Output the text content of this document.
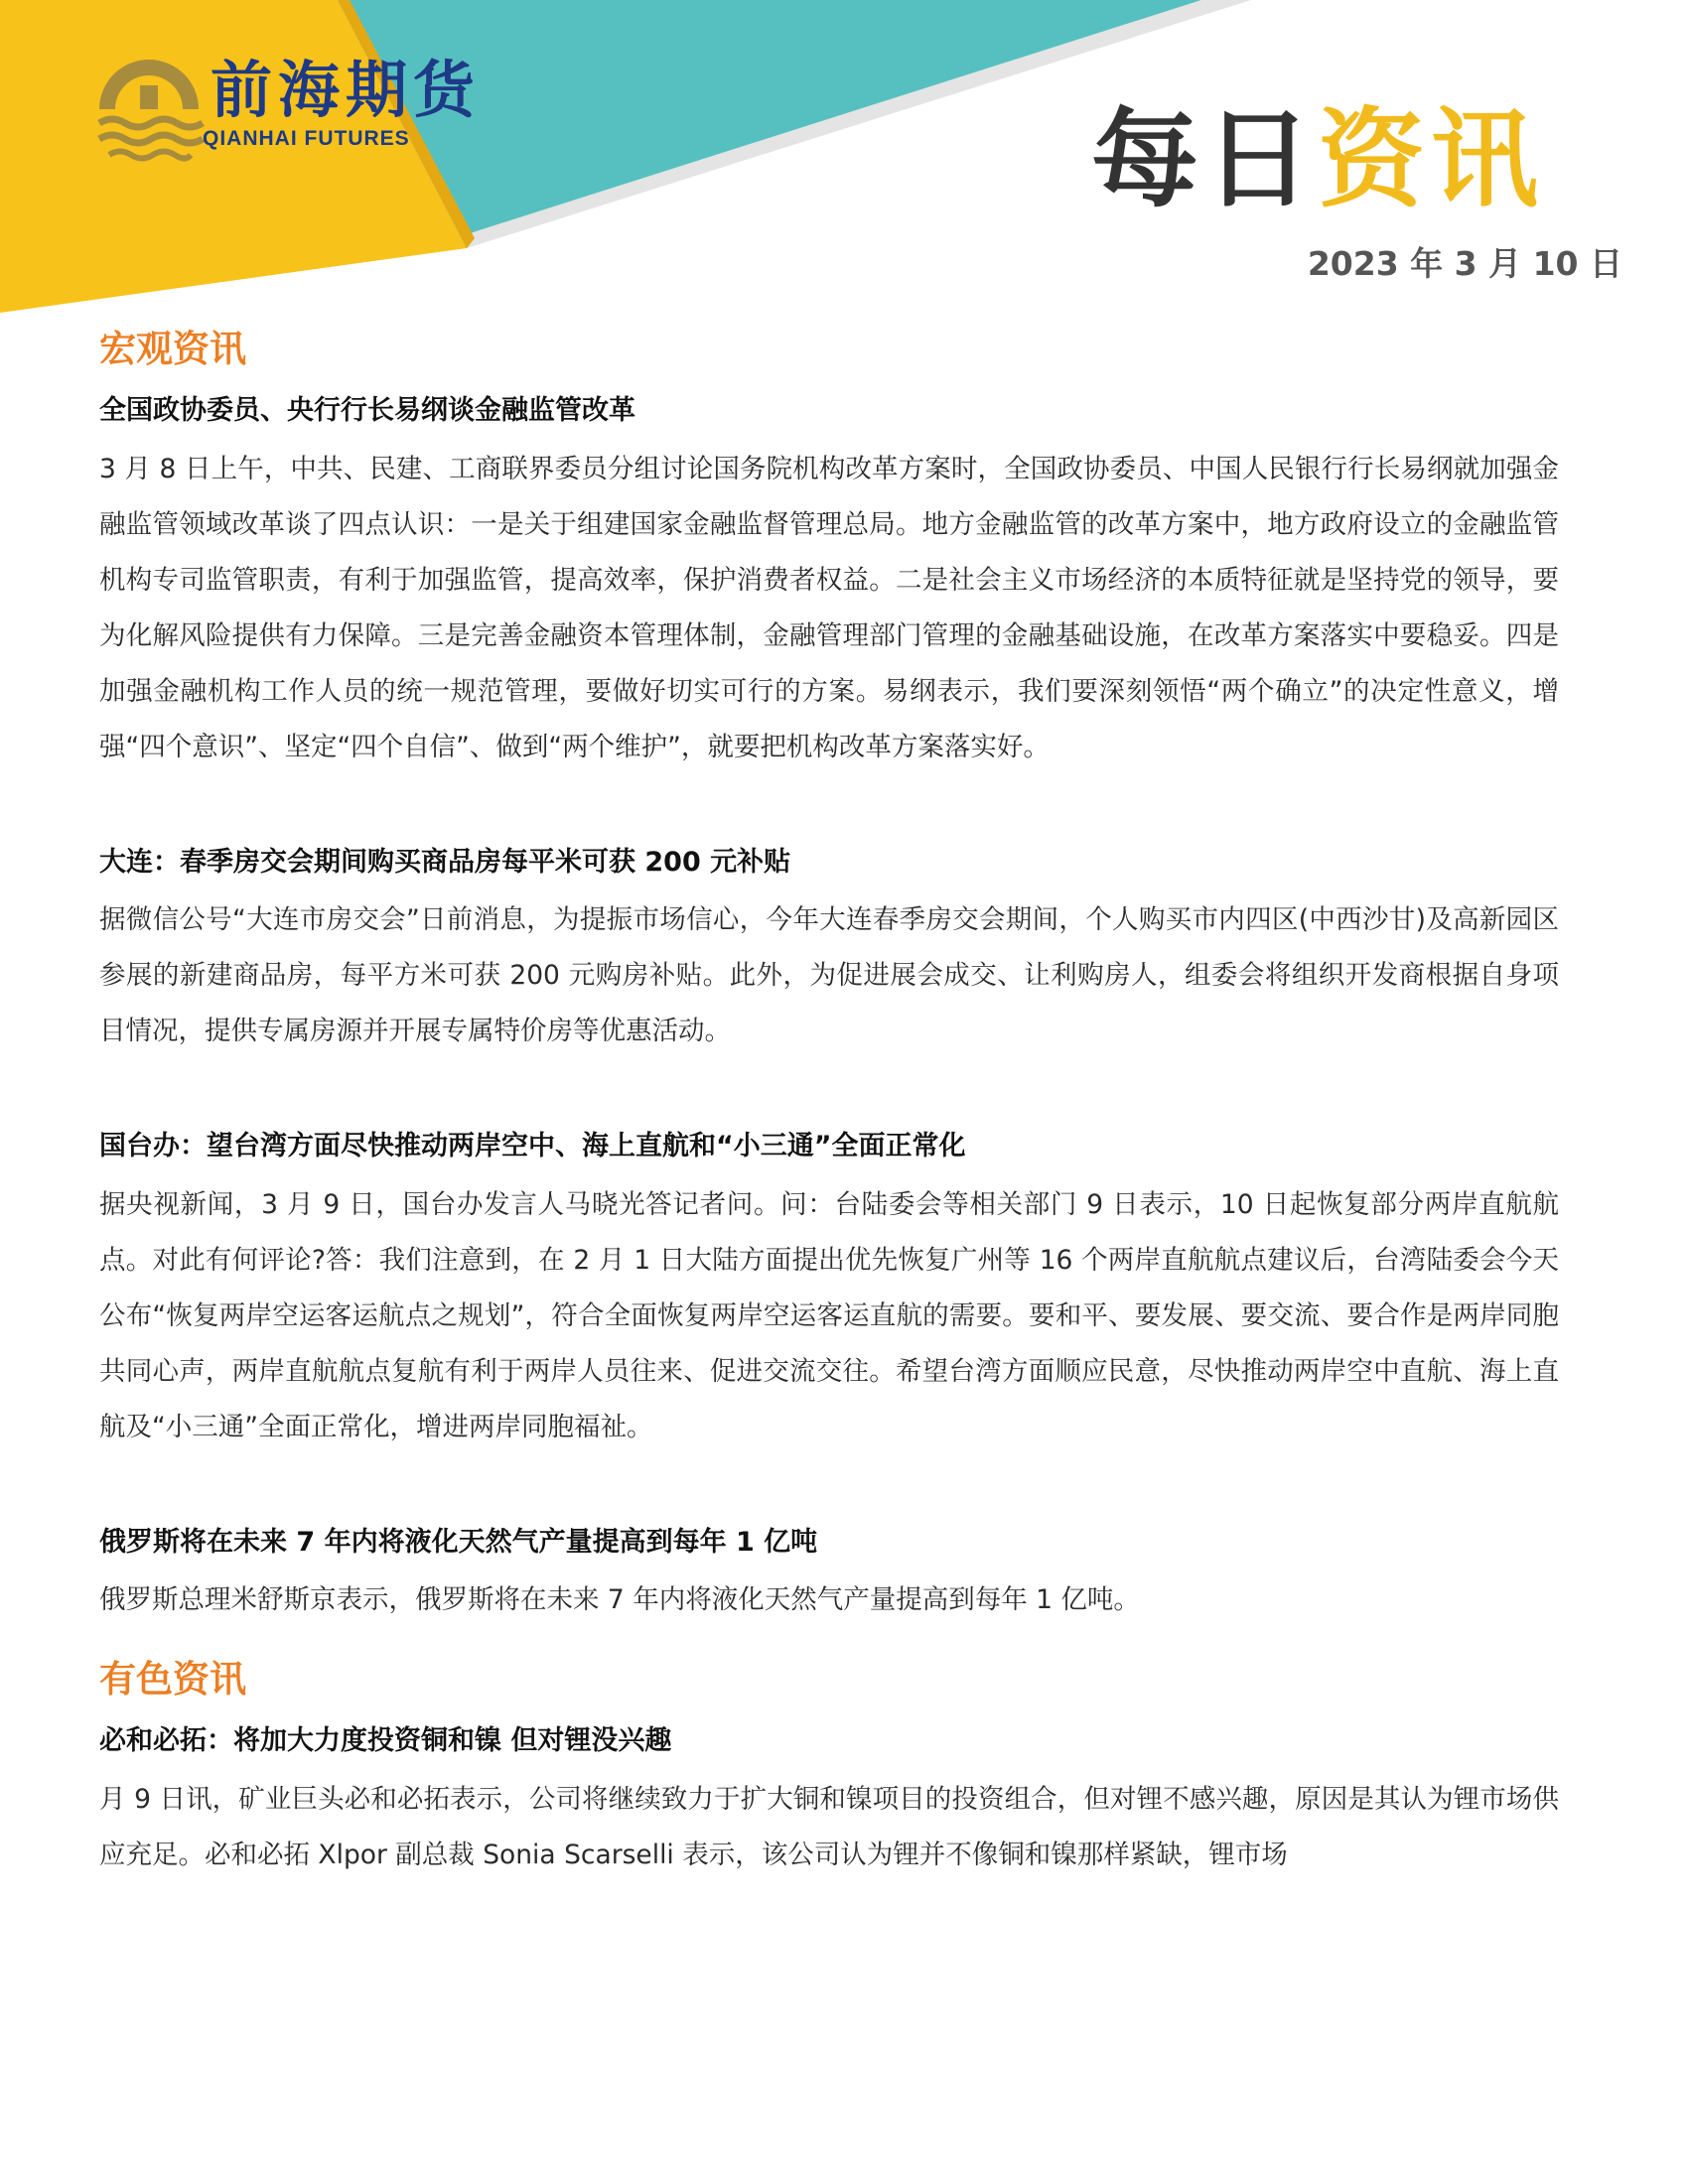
前海期货
QIANHAI FUTURES	每日资讯
2023 年 3 月 10 日
宏观资讯
全国政协委员、央行行长易纲谈金融监管改革

3 月 8 日上午，中共、民建、工商联界委员分组讨论国务院机构改革方案时，全国政协委员、中国人民银行行长易纲就加强金融监管领域改革谈了四点认识：一是关于组建国家金融监督管理总局。地方金融监管的改革方案中，地方政府设立的金融监管机构专司监管职责，有利于加强监管，提高效率，保护消费者权益。二是社会主义市场经济的本质特征就是坚持党的领导，要为化解风险提供有力保障。三是完善金融资本管理体制，金融管理部门管理的金融基础设施，在改革方案落实中要稳妥。四是加强金融机构工作人员的统一规范管理，要做好切实可行的方案。易纲表示，我们要深刻领悟“两个确立”的决定性意义，增强“四个意识”、坚定“四个自信”、做到“两个维护”，就要把机构改革方案落实好。

大连：春季房交会期间购买商品房每平米可获 200 元补贴

据微信公号“大连市房交会”日前消息，为提振市场信心，今年大连春季房交会期间，个人购买市内四区(中西沙甘)及高新园区参展的新建商品房，每平方米可获 200 元购房补贴。此外，为促进展会成交、让利购房人，组委会将组织开发商根据自身项目情况，提供专属房源并开展专属特价房等优惠活动。

国台办：望台湾方面尽快推动两岸空中、海上直航和“小三通”全面正常化

据央视新闻，3 月 9 日，国台办发言人马晓光答记者问。问：台陆委会等相关部门 9 日表示，10 日起恢复部分两岸直航航点。对此有何评论?答：我们注意到，在 2 月 1 日大陆方面提出优先恢复广州等 16 个两岸直航航点建议后，台湾陆委会今天公布“恢复两岸空运客运航点之规划”，符合全面恢复两岸空运客运直航的需要。要和平、要发展、要交流、要合作是两岸同胞共同心声，两岸直航航点复航有利于两岸人员往来、促进交流交往。希望台湾方面顺应民意，尽快推动两岸空中直航、海上直航及“小三通”全面正常化，增进两岸同胞福祉。

俄罗斯将在未来 7 年内将液化天然气产量提高到每年 1 亿吨

俄罗斯总理米舒斯京表示，俄罗斯将在未来 7 年内将液化天然气产量提高到每年 1 亿吨。

有色资讯
必和必拓：将加大力度投资铜和镍 但对锂没兴趣

月 9 日讯，矿业巨头必和必拓表示，公司将继续致力于扩大铜和镍项目的投资组合，但对锂不感兴趣，原因是其认为锂市场供应充足。必和必拓 Xlpor 副总裁 Sonia Scarselli 表示，该公司认为锂并不像铜和镍那样紧缺，锂市场
